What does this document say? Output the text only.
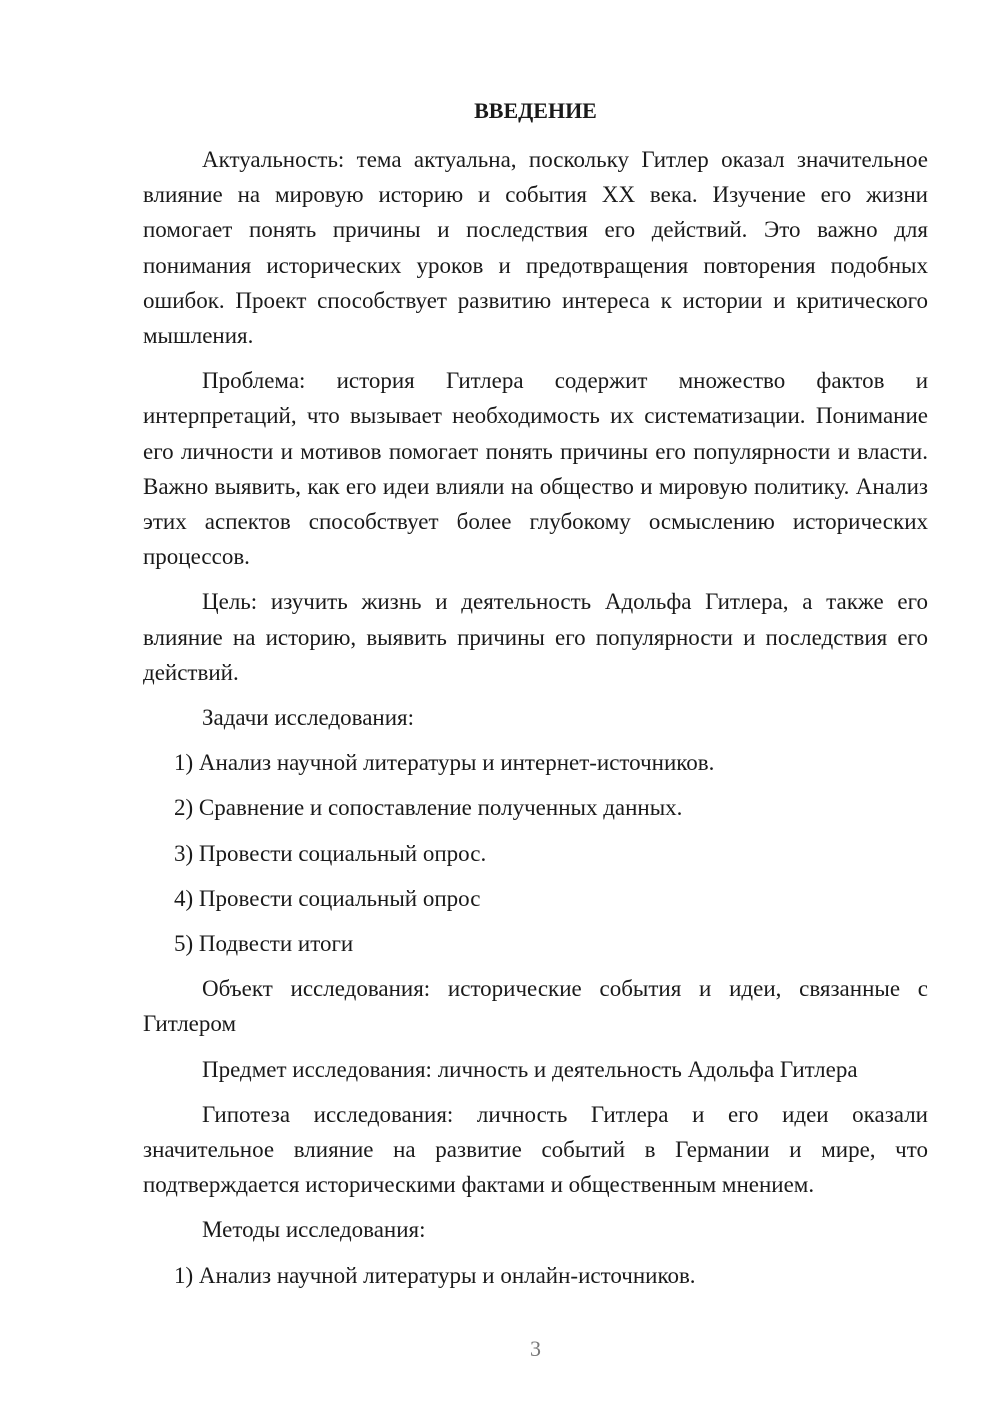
ВВЕДЕНИЕ

Актуальность: тема актуальна, поскольку Гитлер оказал значительное влияние на мировую историю и события XX века. Изучение его жизни помогает понять причины и последствия его действий. Это важно для понимания исторических уроков и предотвращения повторения подобных ошибок. Проект способствует развитию интереса к истории и критического мышления.

Проблема: история Гитлера содержит множество фактов и интерпретаций, что вызывает необходимость их систематизации. Понимание его личности и мотивов помогает понять причины его популярности и власти. Важно выявить, как его идеи влияли на общество и мировую политику. Анализ этих аспектов способствует более глубокому осмыслению исторических процессов.

Цель: изучить жизнь и деятельность Адольфа Гитлера, а также его влияние на историю, выявить причины его популярности и последствия его действий.

Задачи исследования:

1) Анализ научной литературы и интернет-источников.

2) Сравнение и сопоставление полученных данных.

3) Провести социальный опрос.

4) Провести социальный опрос

5) Подвести итоги

Объект исследования: исторические события и идеи, связанные с Гитлером

Предмет исследования: личность и деятельность Адольфа Гитлера

Гипотеза исследования: личность Гитлера и его идеи оказали значительное влияние на развитие событий в Германии и мире, что подтверждается историческими фактами и общественным мнением.

Методы исследования:

1) Анализ научной литературы и онлайн-источников.

3
